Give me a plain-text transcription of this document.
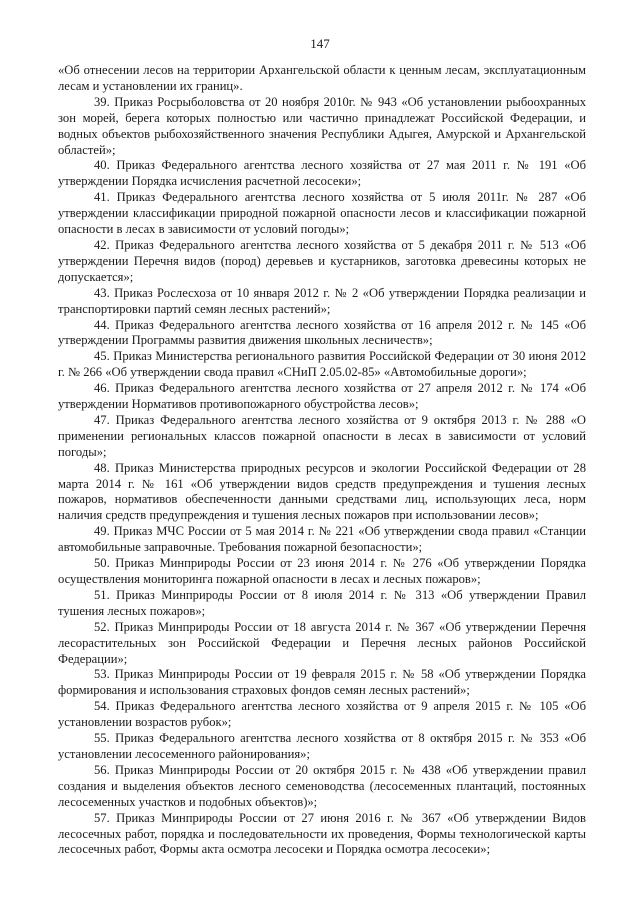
147

«Об отнесении лесов на территории Архангельской области к ценным лесам, эксплуатационным лесам и установлении их границ».

39. Приказ Росрыболовства от 20 ноября 2010г. № 943 «Об установлении рыбоохранных зон морей, берега которых полностью или частично принадлежат Российской Федерации, и водных объектов рыбохозяйственного значения Республики Адыгея, Амурской и Архангельской областей»;

40. Приказ Федерального агентства лесного хозяйства от 27 мая 2011 г. № 191 «Об утверждении Порядка исчисления расчетной лесосеки»;

41. Приказ Федерального агентства лесного хозяйства от 5 июля 2011г. № 287 «Об утверждении классификации природной пожарной опасности лесов и классификации пожарной опасности в лесах в зависимости от условий погоды»;

42. Приказ Федерального агентства лесного хозяйства от 5 декабря 2011 г. № 513 «Об утверждении Перечня видов (пород) деревьев и кустарников, заготовка древесины которых не допускается»;

43. Приказ Рослесхоза от 10 января 2012 г. № 2 «Об утверждении Порядка реализации и транспортировки партий семян лесных растений»;

44. Приказ Федерального агентства лесного хозяйства от 16 апреля 2012 г. № 145 «Об утверждении Программы развития движения школьных лесничеств»;

45. Приказ Министерства регионального развития Российской Федерации от 30 июня 2012 г. № 266 «Об утверждении свода правил «СНиП 2.05.02-85» «Автомобильные дороги»;

46. Приказ Федерального агентства лесного хозяйства от 27 апреля 2012 г. № 174 «Об утверждении Нормативов противопожарного обустройства лесов»;

47. Приказ Федерального агентства лесного хозяйства от 9 октября 2013 г. № 288 «О применении региональных классов пожарной опасности в лесах в зависимости от условий погоды»;

48. Приказ Министерства природных ресурсов и экологии Российской Федерации от 28 марта 2014 г. № 161 «Об утверждении видов средств предупреждения и тушения лесных пожаров, нормативов обеспеченности данными средствами лиц, использующих леса, норм наличия средств предупреждения и тушения лесных пожаров при использовании лесов»;

49. Приказ МЧС России от 5 мая 2014 г. № 221 «Об утверждении свода правил «Станции автомобильные заправочные. Требования пожарной безопасности»;

50. Приказ Минприроды России от 23 июня 2014 г. № 276 «Об утверждении Порядка осуществления мониторинга пожарной опасности в лесах и лесных пожаров»;

51. Приказ Минприроды России от 8 июля 2014 г. № 313 «Об утверждении Правил тушения лесных пожаров»;

52. Приказ Минприроды России от 18 августа 2014 г. № 367 «Об утверждении Перечня лесорастительных зон Российской Федерации и Перечня лесных районов Российской Федерации»;

53. Приказ Минприроды России от 19 февраля 2015 г. № 58 «Об утверждении Порядка формирования и использования страховых фондов семян лесных растений»;

54. Приказ Федерального агентства лесного хозяйства от 9 апреля 2015 г. № 105 «Об установлении возрастов рубок»;

55. Приказ Федерального агентства лесного хозяйства от 8 октября 2015 г. № 353 «Об установлении лесосеменного районирования»;

56. Приказ Минприроды России от 20 октября 2015 г. № 438 «Об утверждении правил создания и выделения объектов лесного семеноводства (лесосеменных плантаций, постоянных лесосеменных участков и подобных объектов)»;

57. Приказ Минприроды России от 27 июня 2016 г. № 367 «Об утверждении Видов лесосечных работ, порядка и последовательности их проведения, Формы технологической карты лесосечных работ, Формы акта осмотра лесосеки и Порядка осмотра лесосеки»;
